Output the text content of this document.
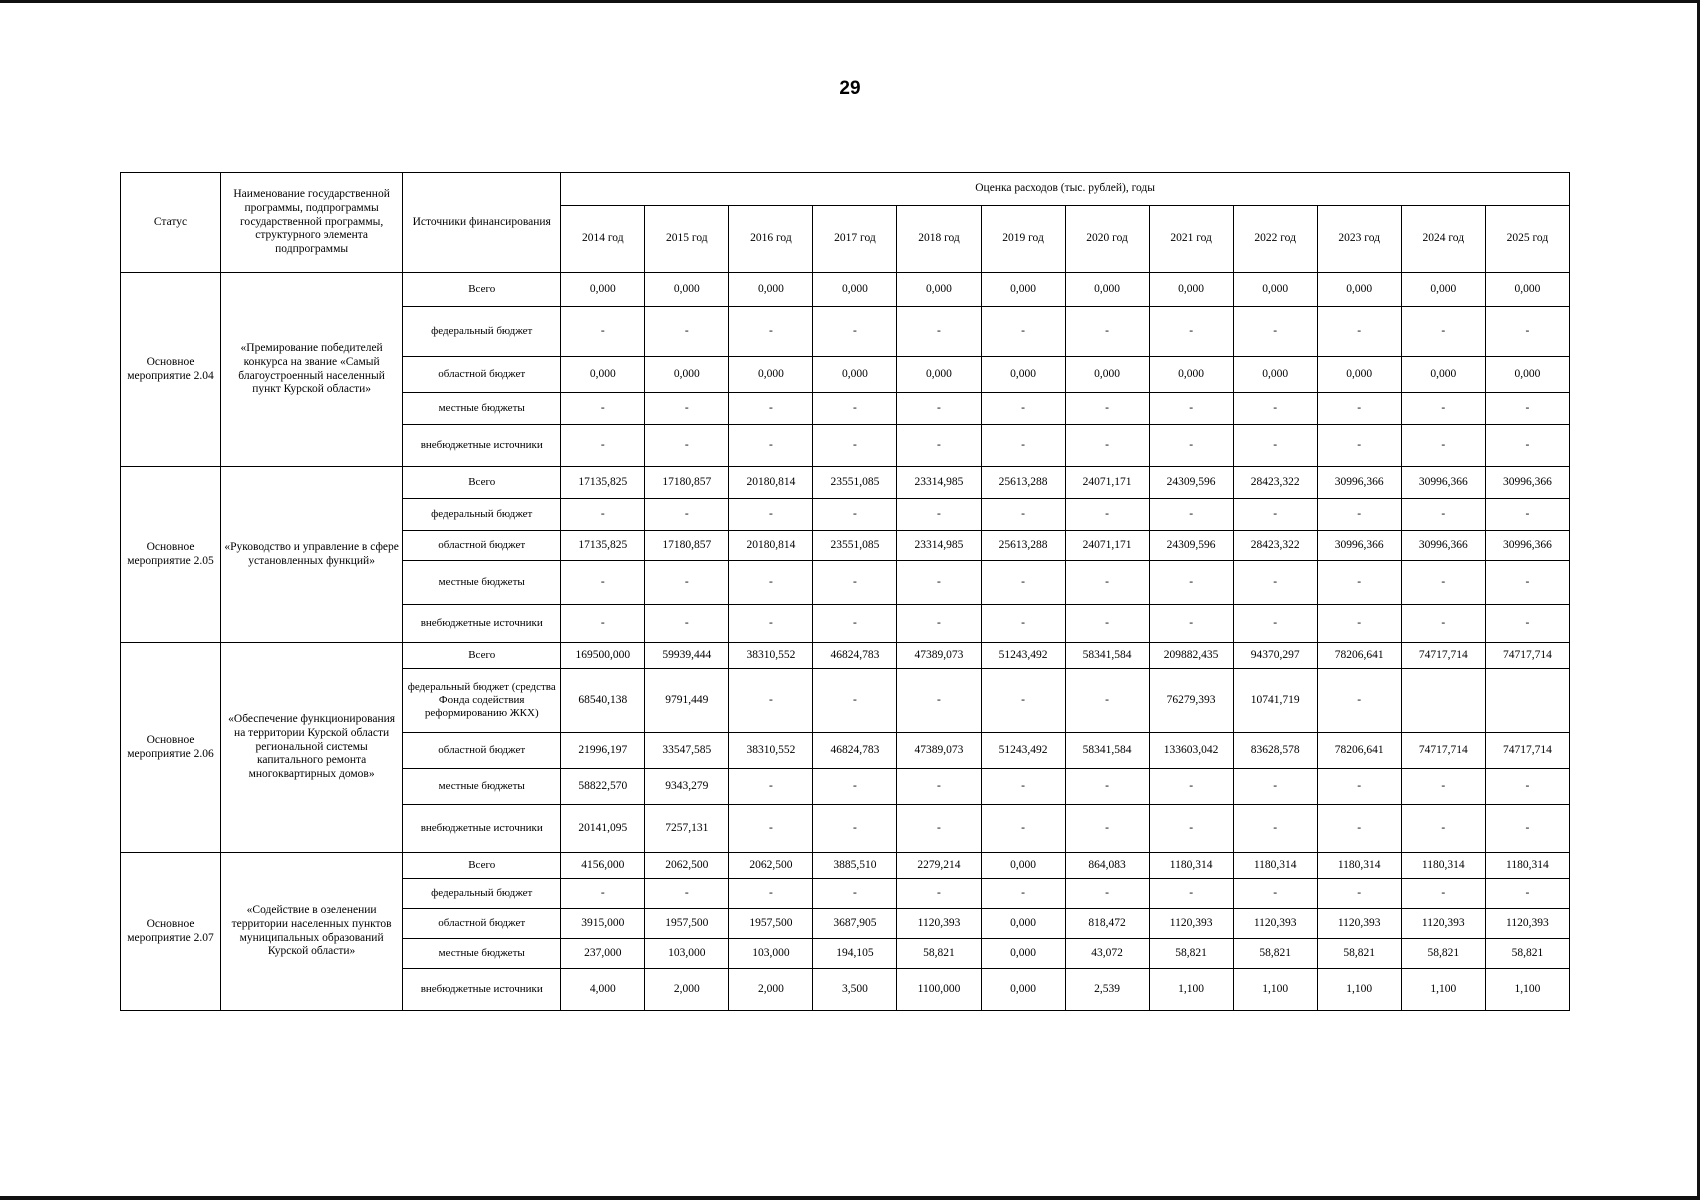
29
Статус	Наименование государственной программы, подпрограммы государственной программы, структурного элемента подпрограммы	Источники финансирования	Оценка расходов (тыс. рублей), годы											
			2014 год	2015 год	2016 год	2017 год	2018 год	2019 год	2020 год	2021 год	2022 год	2023 год	2024 год	2025 год
Основное мероприятие 2.04	«Премирование победителей конкурса на звание «Самый благоустроенный населенный пункт Курской области»	Всего	0,000	0,000	0,000	0,000	0,000	0,000	0,000	0,000	0,000	0,000	0,000	0,000
		федеральный бюджет	-	-	-	-	-	-	-	-	-	-	-	-
		областной бюджет	0,000	0,000	0,000	0,000	0,000	0,000	0,000	0,000	0,000	0,000	0,000	0,000
		местные бюджеты	-	-	-	-	-	-	-	-	-	-	-	-
		внебюджетные источники	-	-	-	-	-	-	-	-	-	-	-	-
Основное мероприятие 2.05	«Руководство и управление в сфере установленных функций»	Всего	17135,825	17180,857	20180,814	23551,085	23314,985	25613,288	24071,171	24309,596	28423,322	30996,366	30996,366	30996,366
		федеральный бюджет	-	-	-	-	-	-	-	-	-	-	-	-
		областной бюджет	17135,825	17180,857	20180,814	23551,085	23314,985	25613,288	24071,171	24309,596	28423,322	30996,366	30996,366	30996,366
		местные бюджеты	-	-	-	-	-	-	-	-	-	-	-	-
		внебюджетные источники	-	-	-	-	-	-	-	-	-	-	-	-
Основное мероприятие 2.06	«Обеспечение функционирования на территории Курской области региональной системы капитального ремонта многоквартирных домов»	Всего	169500,000	59939,444	38310,552	46824,783	47389,073	51243,492	58341,584	209882,435	94370,297	78206,641	74717,714	74717,714
		федеральный бюджет (средства Фонда содействия реформированию ЖКХ)	68540,138	9791,449	-	-	-	-	-	76279,393	10741,719	-		
		областной бюджет	21996,197	33547,585	38310,552	46824,783	47389,073	51243,492	58341,584	133603,042	83628,578	78206,641	74717,714	74717,714
		местные бюджеты	58822,570	9343,279	-	-	-	-	-	-	-	-	-	-
		внебюджетные источники	20141,095	7257,131	-	-	-	-	-	-	-	-	-	-
Основное мероприятие 2.07	«Содействие в озеленении территории населенных пунктов муниципальных образований Курской области»	Всего	4156,000	2062,500	2062,500	3885,510	2279,214	0,000	864,083	1180,314	1180,314	1180,314	1180,314	1180,314
		федеральный бюджет	-	-	-	-	-	-	-	-	-	-	-	-
		областной бюджет	3915,000	1957,500	1957,500	3687,905	1120,393	0,000	818,472	1120,393	1120,393	1120,393	1120,393	1120,393
		местные бюджеты	237,000	103,000	103,000	194,105	58,821	0,000	43,072	58,821	58,821	58,821	58,821	58,821
		внебюджетные источники	4,000	2,000	2,000	3,500	1100,000	0,000	2,539	1,100	1,100	1,100	1,100	1,100
